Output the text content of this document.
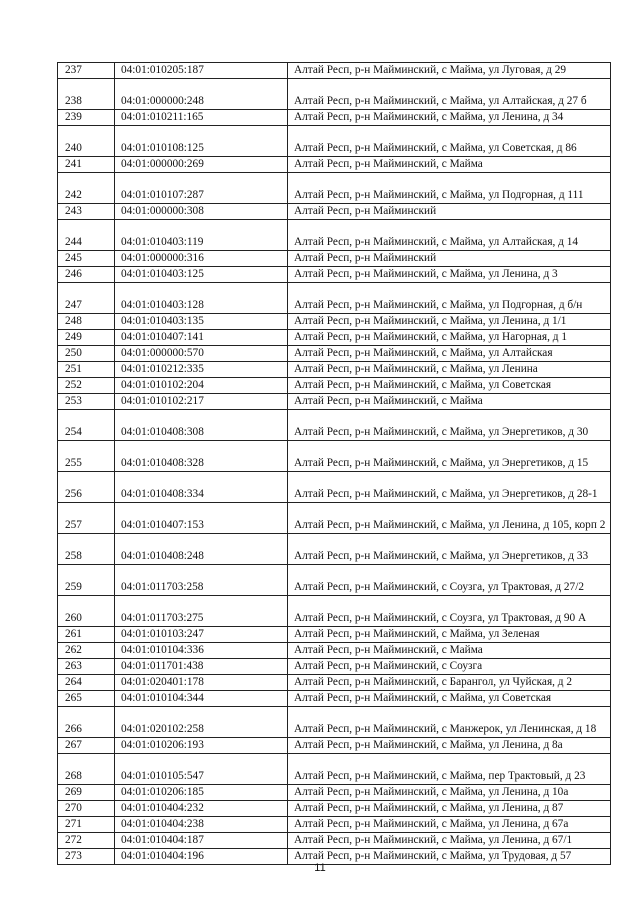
237	04:01:010205:187	Алтай Респ, р-н Майминский, с Майма, ул Луговая, д 29
238	04:01:000000:248	Алтай Респ, р-н Майминский, с Майма, ул Алтайская, д 27 б
239	04:01:010211:165	Алтай Респ, р-н Майминский, с Майма, ул Ленина, д 34
240	04:01:010108:125	Алтай Респ, р-н Майминский, с Майма, ул Советская, д 86
241	04:01:000000:269	Алтай Респ, р-н Майминский, с Майма
242	04:01:010107:287	Алтай Респ, р-н Майминский, с Майма, ул Подгорная, д 111
243	04:01:000000:308	Алтай Респ, р-н Майминский
244	04:01:010403:119	Алтай Респ, р-н Майминский, с Майма, ул Алтайская, д 14
245	04:01:000000:316	Алтай Респ, р-н Майминский
246	04:01:010403:125	Алтай Респ, р-н Майминский, с Майма, ул Ленина, д 3
247	04:01:010403:128	Алтай Респ, р-н Майминский, с Майма, ул Подгорная, д б/н
248	04:01:010403:135	Алтай Респ, р-н Майминский, с Майма, ул Ленина, д 1/1
249	04:01:010407:141	Алтай Респ, р-н Майминский, с Майма, ул Нагорная, д 1
250	04:01:000000:570	Алтай Респ, р-н Майминский, с Майма, ул Алтайская
251	04:01:010212:335	Алтай Респ, р-н Майминский, с Майма, ул Ленина
252	04:01:010102:204	Алтай Респ, р-н Майминский, с Майма, ул Советская
253	04:01:010102:217	Алтай Респ, р-н Майминский, с Майма
254	04:01:010408:308	Алтай Респ, р-н Майминский, с Майма, ул Энергетиков, д 30
255	04:01:010408:328	Алтай Респ, р-н Майминский, с Майма, ул Энергетиков, д 15
256	04:01:010408:334	Алтай Респ, р-н Майминский, с Майма, ул Энергетиков, д 28-1
257	04:01:010407:153	Алтай Респ, р-н Майминский, с Майма, ул Ленина, д 105, корп 2
258	04:01:010408:248	Алтай Респ, р-н Майминский, с Майма, ул Энергетиков, д 33
259	04:01:011703:258	Алтай Респ, р-н Майминский, с Соузга, ул Трактовая, д 27/2
260	04:01:011703:275	Алтай Респ, р-н Майминский, с Соузга, ул Трактовая, д 90 А
261	04:01:010103:247	Алтай Респ, р-н Майминский, с Майма, ул Зеленая
262	04:01:010104:336	Алтай Респ, р-н Майминский, с Майма
263	04:01:011701:438	Алтай Респ, р-н Майминский, с Соузга
264	04:01:020401:178	Алтай Респ, р-н Майминский, с Барангол, ул Чуйская, д 2
265	04:01:010104:344	Алтай Респ, р-н Майминский, с Майма, ул Советская
266	04:01:020102:258	Алтай Респ, р-н Майминский, с Манжерок, ул Ленинская, д 18
267	04:01:010206:193	Алтай Респ, р-н Майминский, с Майма, ул Ленина, д 8а
268	04:01:010105:547	Алтай Респ, р-н Майминский, с Майма, пер Трактовый, д 23
269	04:01:010206:185	Алтай Респ, р-н Майминский, с Майма, ул Ленина, д 10а
270	04:01:010404:232	Алтай Респ, р-н Майминский, с Майма, ул Ленина, д 87
271	04:01:010404:238	Алтай Респ, р-н Майминский, с Майма, ул Ленина, д 67а
272	04:01:010404:187	Алтай Респ, р-н Майминский, с Майма, ул Ленина, д 67/1
273	04:01:010404:196	Алтай Респ, р-н Майминский, с Майма, ул Трудовая, д 57
11
